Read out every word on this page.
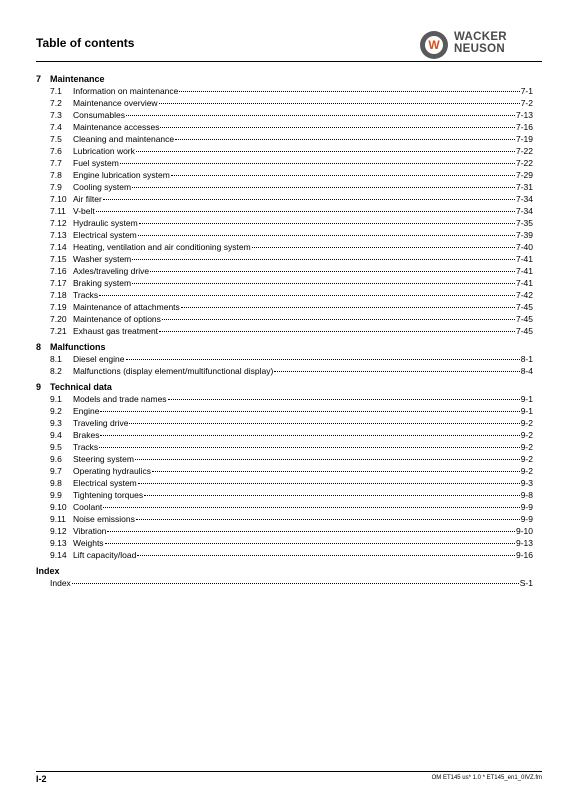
Table of contents	W
WACKER
NEUSON
7 Maintenance
7.1	Information on maintenance	7-1
7.2	Maintenance overview	7-2
7.3	Consumables	7-13
7.4	Maintenance accesses	7-16
7.5	Cleaning and maintenance	7-19
7.6	Lubrication work	7-22
7.7	Fuel system	7-22
7.8	Engine lubrication system	7-29
7.9	Cooling system	7-31
7.10 Air filter	7-34
7.11 V-belt	7-34
7.12 Hydraulic system	7-35
7.13 Electrical system	7-39
7.14 Heating, ventilation and air conditioning system	7-40
7.15 Washer system	7-41
7.16 Axles/traveling drive	7-41
7.17 Braking system	7-41
7.18 Tracks	7-42
7.19 Maintenance of attachments	7-45
7.20 Maintenance of options	7-45
7.21 Exhaust gas treatment	7-45
8 Malfunctions
8.1	Diesel engine	8-1
8.2	Malfunctions (display element/multifunctional display)	8-4
9 Technical data
9.1	Models and trade names	9-1
9.2	Engine	9-1
9.3	Traveling drive	9-2
9.4	Brakes	9-2
9.5	Tracks	9-2
9.6	Steering system	9-2
9.7	Operating hydraulics	9-2
9.8	Electrical system	9-3
9.9	Tightening torques	9-8
9.10 Coolant	9-9
9.11 Noise emissions	9-9
9.12 Vibration	9-10
9.13 Weights	9-13
9.14 Lift capacity/load	9-16
Index
Index	S-1
I-2	OM ET145 us* 1.0 * ET145_en1_0IVZ.fm
